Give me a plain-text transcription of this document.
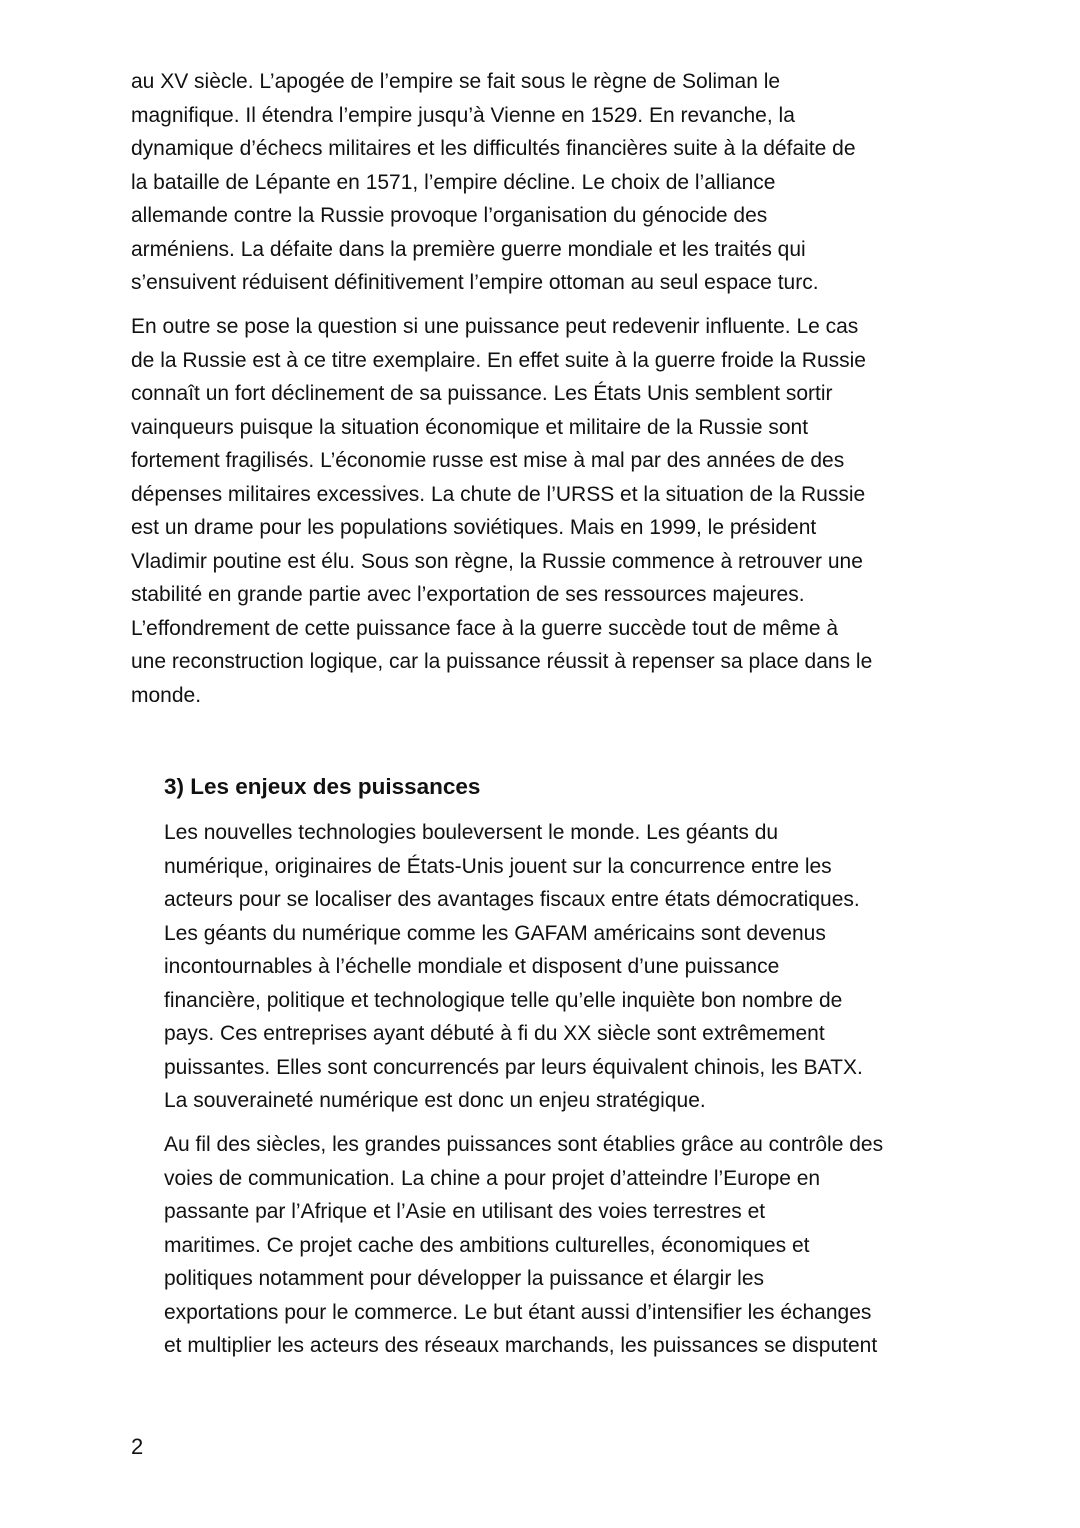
au XV siècle. L’apogée de l’empire se fait sous le règne de Soliman le

magnifique. Il étendra l’empire jusqu’à Vienne en 1529. En revanche, la

dynamique d’échecs militaires et les difficultés financières suite à la défaite de

la bataille de Lépante en 1571, l’empire décline. Le choix de l’alliance

allemande contre la Russie provoque l’organisation du génocide des

arméniens. La défaite dans la première guerre mondiale et les traités qui

s’ensuivent réduisent définitivement l’empire ottoman au seul espace turc.

En outre se pose la question si une puissance peut redevenir influente. Le cas

de la Russie est à ce titre exemplaire. En effet suite à la guerre froide la Russie

connaît un fort déclinement de sa puissance. Les États Unis semblent sortir

vainqueurs puisque la situation économique et militaire de la Russie sont

fortement fragilisés. L’économie russe est mise à mal par des années de des

dépenses militaires excessives. La chute de l’URSS et la situation de la Russie

est un drame pour les populations soviétiques. Mais en 1999, le président

Vladimir poutine est élu. Sous son règne, la Russie commence à retrouver une

stabilité en grande partie avec l’exportation de ses ressources majeures.

L’effondrement de cette puissance face à la guerre succède tout de même à

une reconstruction logique, car la puissance réussit à repenser sa place dans le

monde.

3) Les enjeux des puissances

Les nouvelles technologies bouleversent le monde. Les géants du

numérique, originaires de États-Unis jouent sur la concurrence entre les

acteurs pour se localiser des avantages fiscaux entre états démocratiques.

Les géants du numérique comme les GAFAM américains sont devenus

incontournables à l’échelle mondiale et disposent d’une puissance

financière, politique et technologique telle qu’elle inquiète bon nombre de

pays. Ces entreprises ayant débuté à fi du XX siècle sont extrêmement

puissantes. Elles sont concurrencés par leurs équivalent chinois, les BATX.

La souveraineté numérique est donc un enjeu stratégique.

Au fil des siècles, les grandes puissances sont établies grâce au contrôle des

voies de communication. La chine a pour projet d’atteindre l’Europe en

passante par l’Afrique et l’Asie en utilisant des voies terrestres et

maritimes. Ce projet cache des ambitions culturelles, économiques et

politiques notamment pour développer la puissance et élargir les

exportations pour le commerce. Le but étant aussi d’intensifier les échanges

et multiplier les acteurs des réseaux marchands, les puissances se disputent

2
